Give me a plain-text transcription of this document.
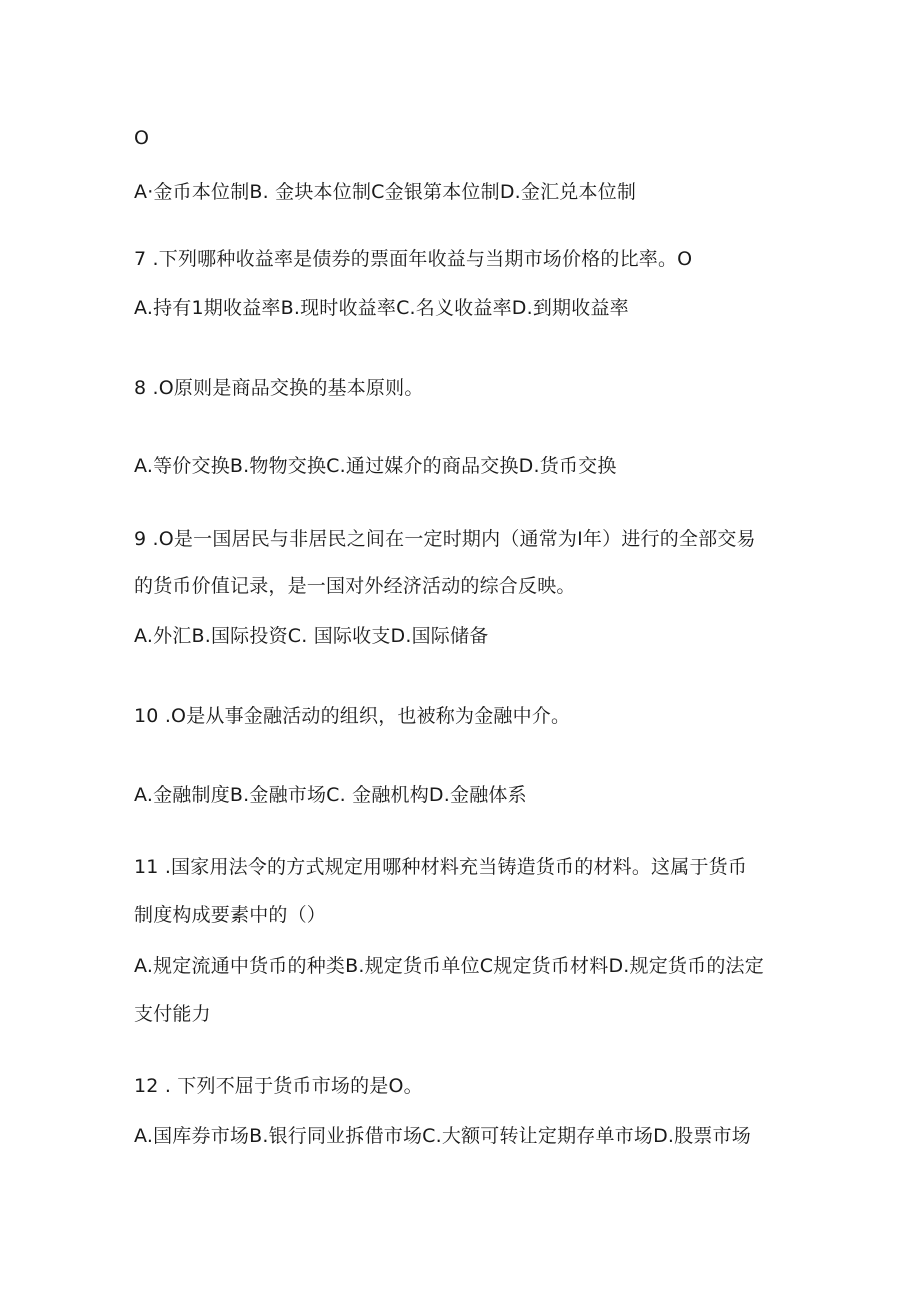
O
A·金币本位制B. 金块本位制C金银第本位制D.金汇兑本位制
7 .下列哪种收益率是债券的票面年收益与当期市场价格的比率。O
A.持有1期收益率B.现时收益率C.名义收益率D.到期收益率
8 .O原则是商品交换的基本原则。
A.等价交换B.物物交换C.通过媒介的商品交换D.货币交换
9 .O是一国居民与非居民之间在一定时期内（通常为I年）进行的全部交易
的货币价值记录，是一国对外经济活动的综合反映。
A.外汇B.国际投资C. 国际收支D.国际储备
10 .O是从事金融活动的组织，也被称为金融中介。
A.金融制度B.金融市场C. 金融机构D.金融体系
11 .国家用法令的方式规定用哪种材料充当铸造货币的材料。这属于货币
制度构成要素中的（）
A.规定流通中货币的种类B.规定货币单位C规定货币材料D.规定货币的法定
支付能力
12 . 下列不屈于货币市场的是O。
A.国库券市场B.银行同业拆借市场C.大额可转让定期存单市场D.股票市场
